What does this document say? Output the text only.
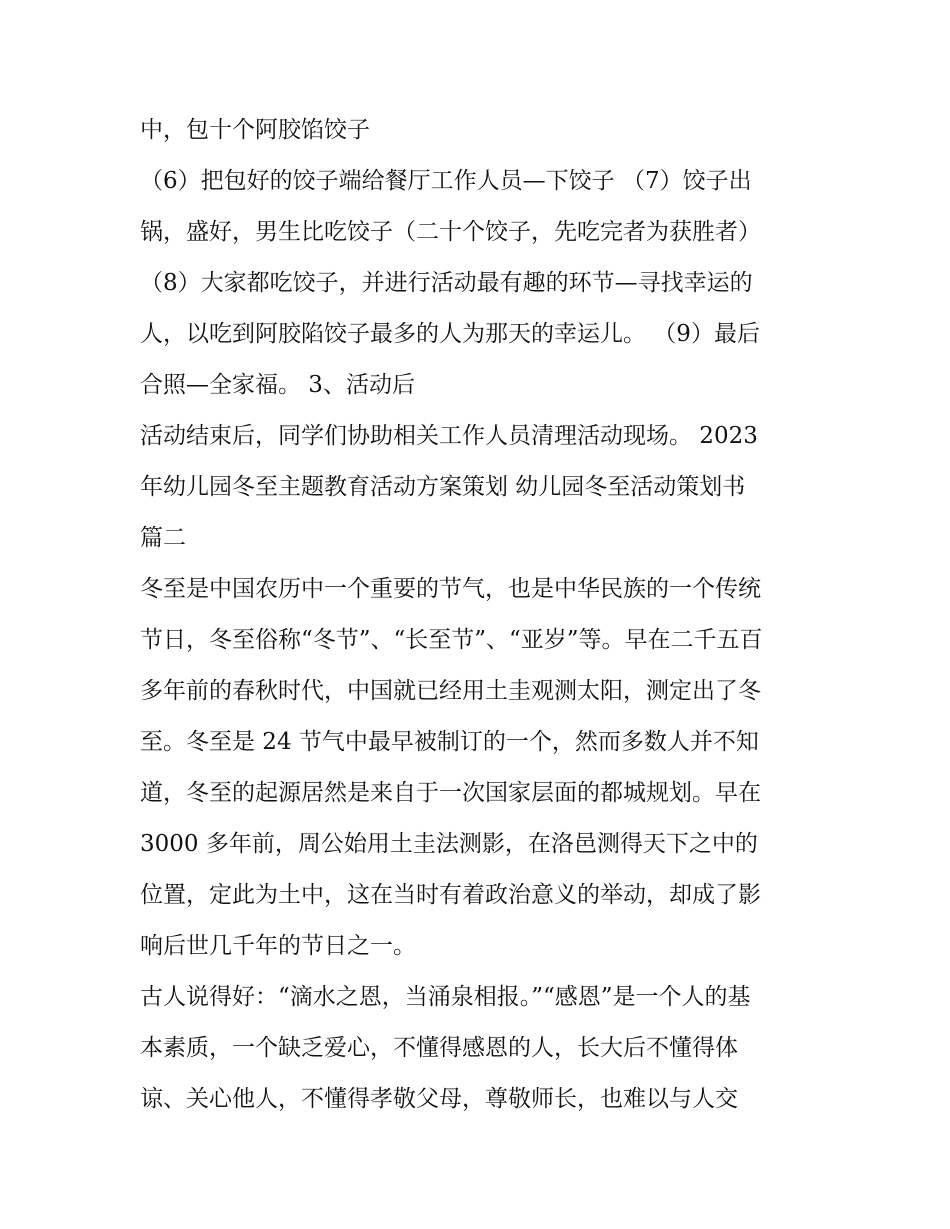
中，包十个阿胶馅饺子
（6）把包好的饺子端给餐厅工作人员—下饺子 （7）饺子出
锅，盛好，男生比吃饺子（二十个饺子，先吃完者为获胜者）
（8）大家都吃饺子，并进行活动最有趣的环节—寻找幸运的
人，以吃到阿胶陷饺子最多的人为那天的幸运儿。 （9）最后
合照—全家福。 3、活动后
活动结束后，同学们协助相关工作人员清理活动现场。 2023
年幼儿园冬至主题教育活动方案策划 幼儿园冬至活动策划书
篇二
冬至是中国农历中一个重要的节气，也是中华民族的一个传统
节日，冬至俗称“冬节”、“长至节”、“亚岁”等。早在二千五百
多年前的春秋时代，中国就已经用土圭观测太阳，测定出了冬
至。冬至是 24 节气中最早被制订的一个，然而多数人并不知
道，冬至的起源居然是来自于一次国家层面的都城规划。早在
3000 多年前，周公始用土圭法测影，在洛邑测得天下之中的
位置，定此为土中，这在当时有着政治意义的举动，却成了影
响后世几千年的节日之一。
古人说得好：“滴水之恩，当涌泉相报。”“感恩”是一个人的基
本素质，一个缺乏爱心，不懂得感恩的人，长大后不懂得体
谅、关心他人，不懂得孝敬父母，尊敬师长，也难以与人交
